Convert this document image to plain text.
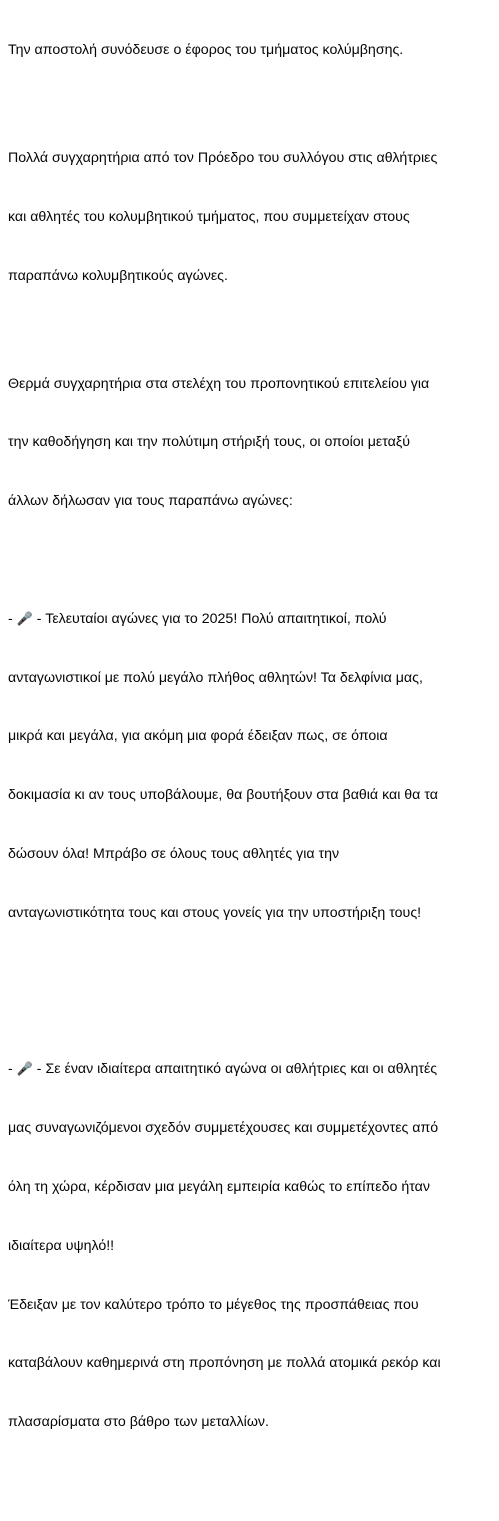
Την αποστολή συνόδευσε ο έφορος του τμήματος κολύμβησης.

Πολλά συγχαρητήρια από τον Πρόεδρο του συλλόγου στις αθλήτριες

και αθλητές του κολυμβητικού τμήματος, που συμμετείχαν στους

παραπάνω κολυμβητικούς αγώνες.

Θερμά συγχαρητήρια στα στελέχη του προπονητικού επιτελείου για

την καθοδήγηση και την πολύτιμη στήριξή τους, οι οποίοι μεταξύ

άλλων δήλωσαν για τους παραπάνω αγώνες:

- 🎤 - Τελευταίοι αγώνες για το 2025! Πολύ απαιτητικοί, πολύ

ανταγωνιστικοί με πολύ μεγάλο πλήθος αθλητών! Τα δελφίνια μας,

μικρά και μεγάλα, για ακόμη μια φορά έδειξαν πως, σε όποια

δοκιμασία κι αν τους υποβάλουμε, θα βουτήξουν στα βαθιά και θα τα

δώσουν όλα! Μπράβο σε όλους τους αθλητές για την

ανταγωνιστικότητα τους και στους γονείς για την υποστήριξη τους!

- 🎤 - Σε έναν ιδιαίτερα απαιτητικό αγώνα οι αθλήτριες και οι αθλητές

μας συναγωνιζόμενοι σχεδόν συμμετέχουσες και συμμετέχοντες από

όλη τη χώρα, κέρδισαν μια μεγάλη εμπειρία καθώς το επίπεδο ήταν

ιδιαίτερα υψηλό!!

Έδειξαν με τον καλύτερο τρόπο το μέγεθος της προσπάθειας που

καταβάλουν καθημερινά στη προπόνηση με πολλά ατομικά ρεκόρ και

πλασαρίσματα στο βάθρο των μεταλλίων.
